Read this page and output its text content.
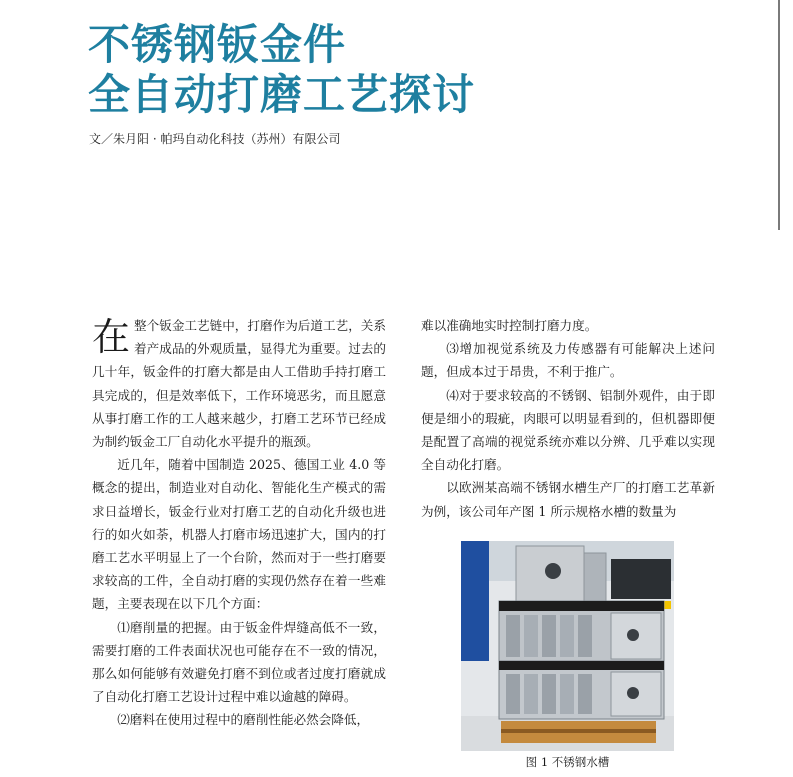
不锈钢钣金件
全自动打磨工艺探讨
文／朱月阳 · 帕玛自动化科技（苏州）有限公司

在整个钣金工艺链中，打磨作为后道工艺，关系着产成品的外观质量，显得尤为重要。过去的几十年，钣金件的打磨大都是由人工借助手持打磨工具完成的，但是效率低下，工作环境恶劣，而且愿意从事打磨工作的工人越来越少，打磨工艺环节已经成为制约钣金工厂自动化水平提升的瓶颈。

近几年，随着中国制造 2025、德国工业 4.0 等概念的提出，制造业对自动化、智能化生产模式的需求日益增长，钣金行业对打磨工艺的自动化升级也进行的如火如荼，机器人打磨市场迅速扩大，国内的打磨工艺水平明显上了一个台阶，然而对于一些打磨要求较高的工件，全自动打磨的实现仍然存在着一些难题，主要表现在以下几个方面：

⑴磨削量的把握。由于钣金件焊缝高低不一致，需要打磨的工件表面状况也可能存在不一致的情况，那么如何能够有效避免打磨不到位或者过度打磨就成了自动化打磨工艺设计过程中难以逾越的障碍。

⑵磨料在使用过程中的磨削性能必然会降低，

难以准确地实时控制打磨力度。

⑶增加视觉系统及力传感器有可能解决上述问题，但成本过于昂贵，不利于推广。

⑷对于要求较高的不锈钢、铝制外观件，由于即便是细小的瑕疵，肉眼可以明显看到的，但机器即便是配置了高端的视觉系统亦难以分辨、几乎难以实现全自动化打磨。

以欧洲某高端不锈钢水槽生产厂的打磨工艺革新为例，该公司年产图 1 所示规格水槽的数量为

图 1 不锈钢水槽
